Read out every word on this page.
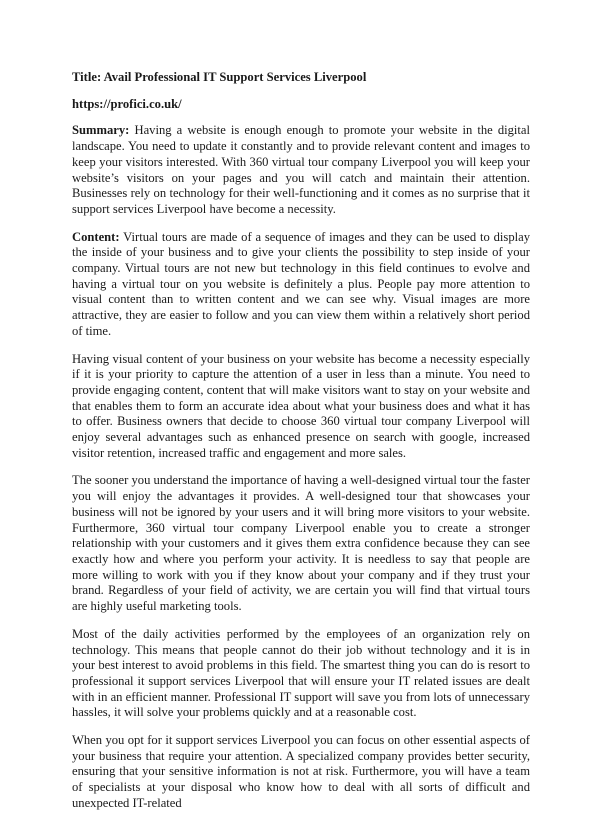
Title: Avail Professional IT Support Services Liverpool
https://profici.co.uk/

Summary: Having a website is enough enough to promote your website in the digital landscape. You need to update it constantly and to provide relevant content and images to keep your visitors interested. With 360 virtual tour company Liverpool you will keep your website’s visitors on your pages and you will catch and maintain their attention. Businesses rely on technology for their well-functioning and it comes as no surprise that it support services Liverpool have become a necessity.

Content: Virtual tours are made of a sequence of images and they can be used to display the inside of your business and to give your clients the possibility to step inside of your company. Virtual tours are not new but technology in this field continues to evolve and having a virtual tour on you website is definitely a plus. People pay more attention to visual content than to written content and we can see why. Visual images are more attractive, they are easier to follow and you can view them within a relatively short period of time.

Having visual content of your business on your website has become a necessity especially if it is your priority to capture the attention of a user in less than a minute. You need to provide engaging content, content that will make visitors want to stay on your website and that enables them to form an accurate idea about what your business does and what it has to offer. Business owners that decide to choose 360 virtual tour company Liverpool will enjoy several advantages such as enhanced presence on search with google, increased visitor retention, increased traffic and engagement and more sales.

The sooner you understand the importance of having a well-designed virtual tour the faster you will enjoy the advantages it provides. A well-designed tour that showcases your business will not be ignored by your users and it will bring more visitors to your website. Furthermore, 360 virtual tour company Liverpool enable you to create a stronger relationship with your customers and it gives them extra confidence because they can see exactly how and where you perform your activity. It is needless to say that people are more willing to work with you if they know about your company and if they trust your brand. Regardless of your field of activity, we are certain you will find that virtual tours are highly useful marketing tools.

Most of the daily activities performed by the employees of an organization rely on technology. This means that people cannot do their job without technology and it is in your best interest to avoid problems in this field. The smartest thing you can do is resort to professional it support services Liverpool that will ensure your IT related issues are dealt with in an efficient manner. Professional IT support will save you from lots of unnecessary hassles, it will solve your problems quickly and at a reasonable cost.

When you opt for it support services Liverpool you can focus on other essential aspects of your business that require your attention. A specialized company provides better security, ensuring that your sensitive information is not at risk. Furthermore, you will have a team of specialists at your disposal who know how to deal with all sorts of difficult and unexpected IT-related
